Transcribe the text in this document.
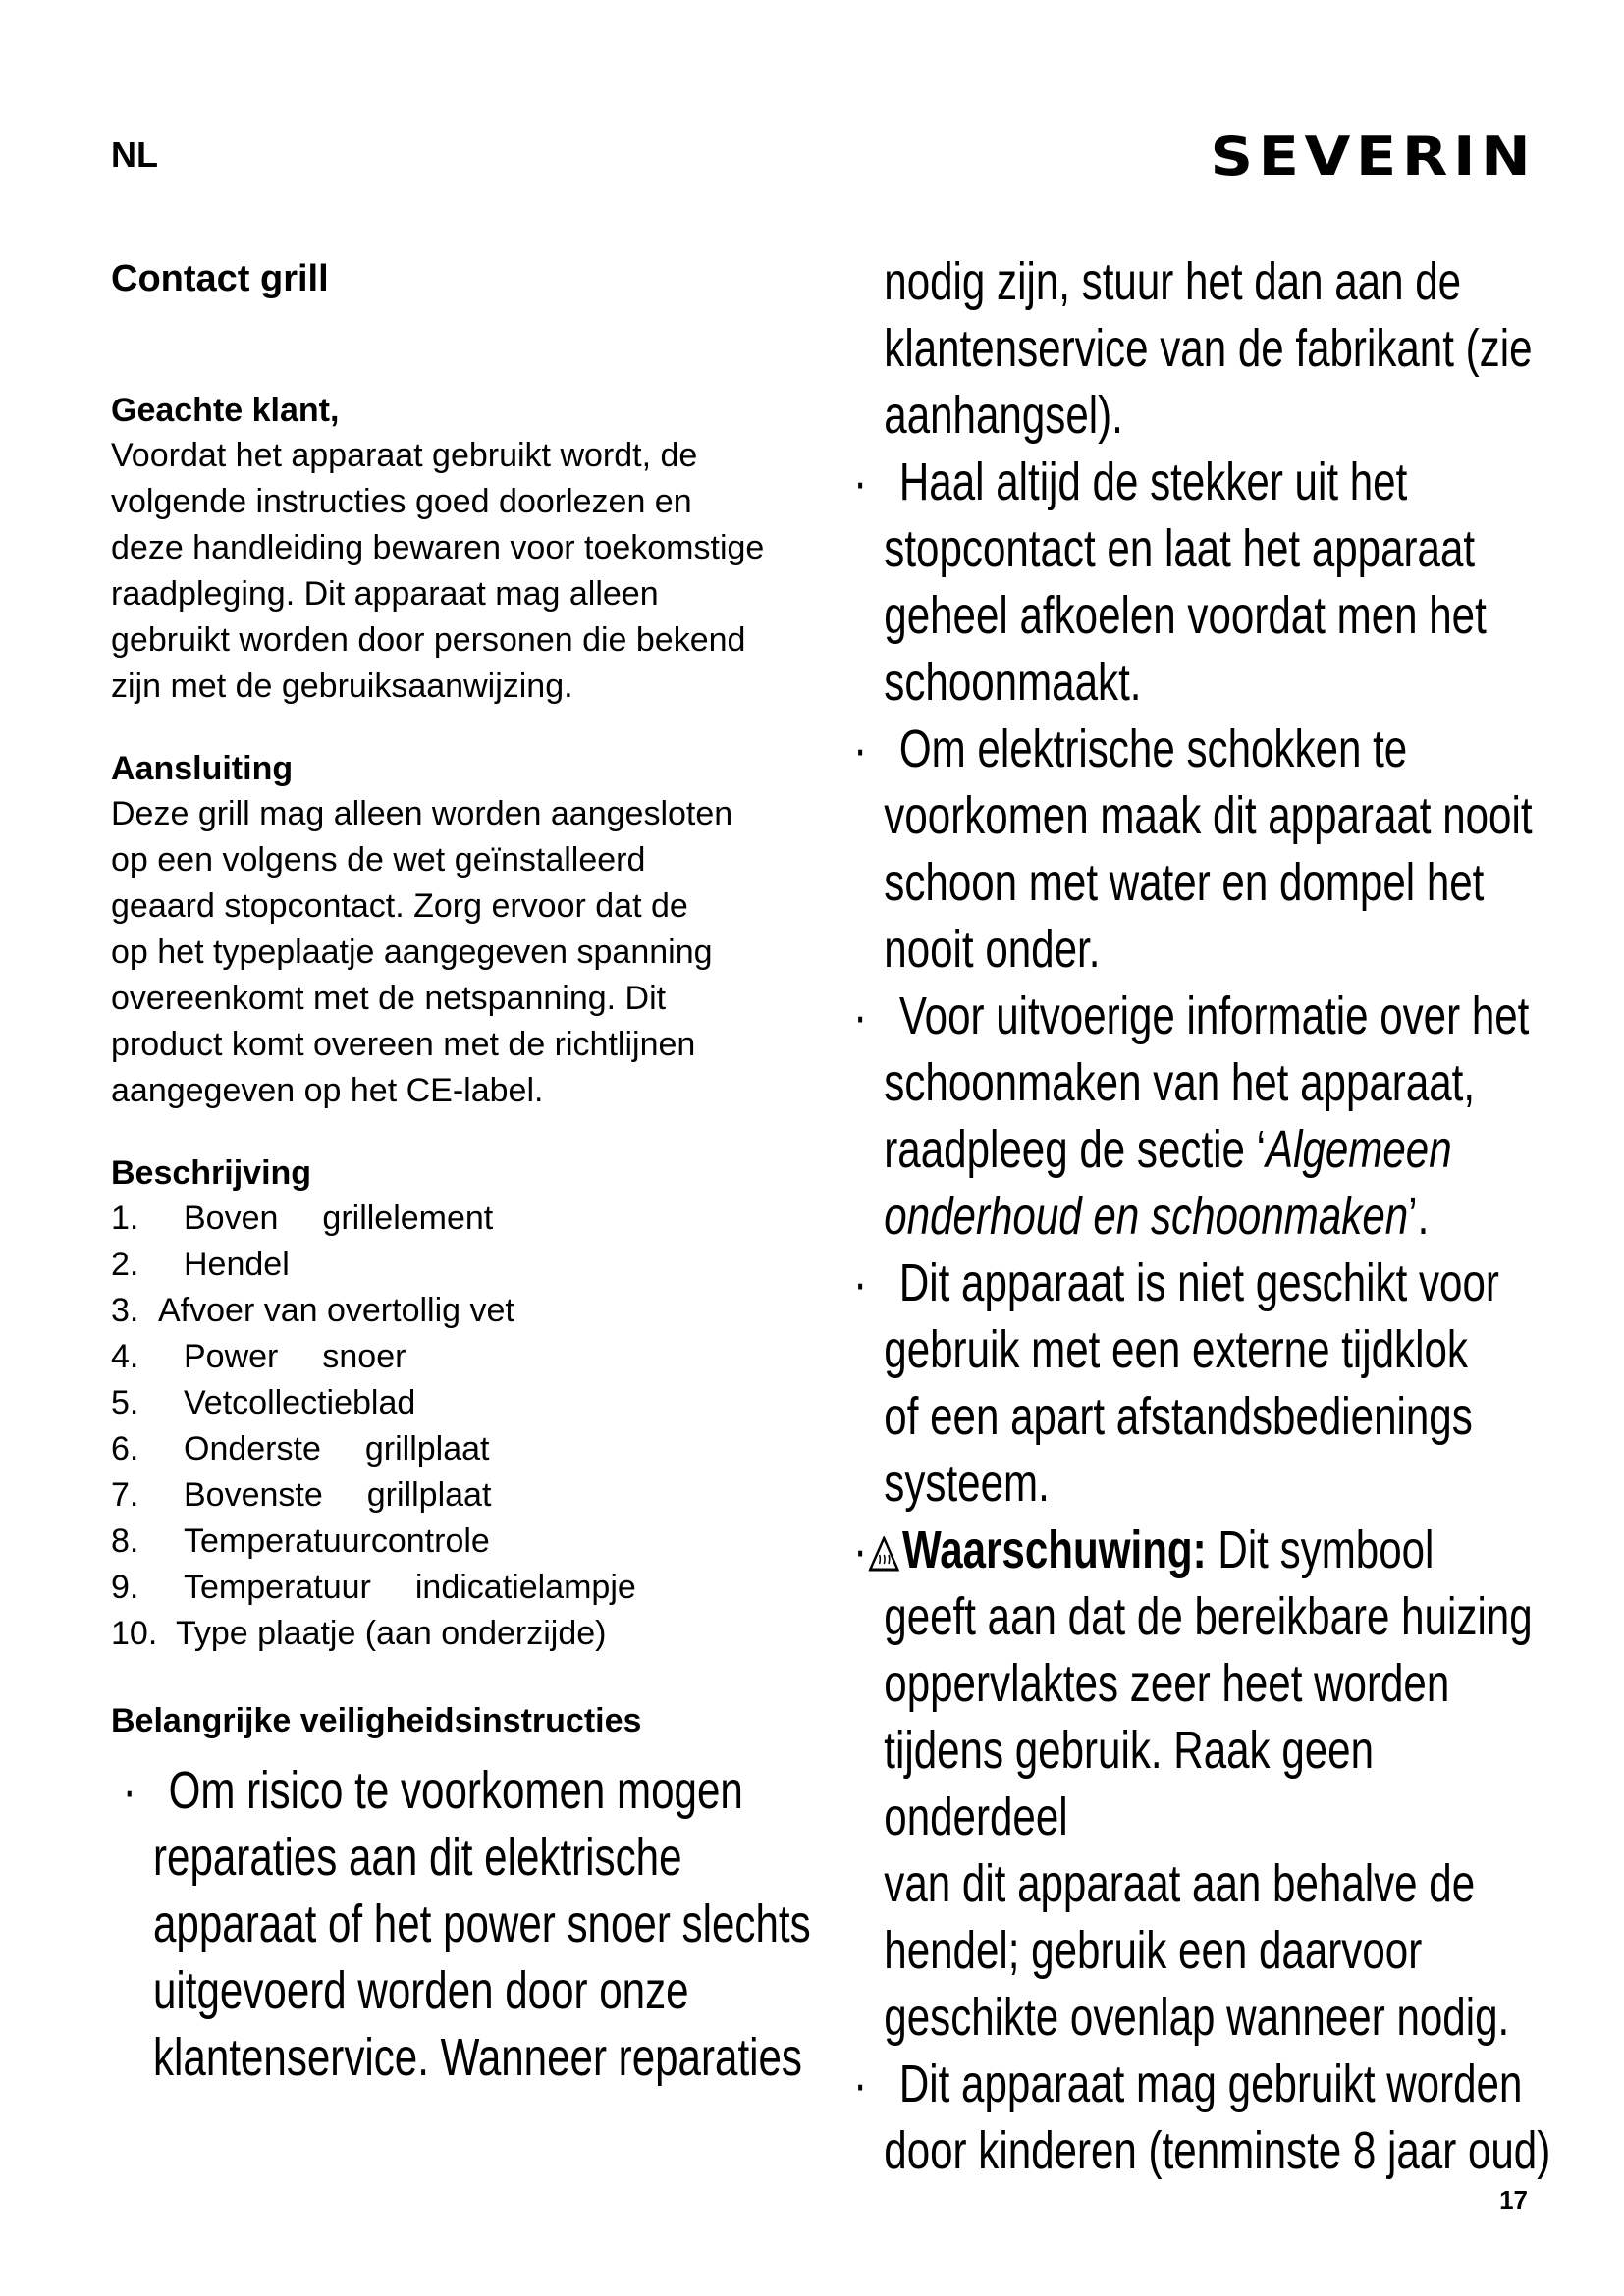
NL	SEVERIN
Contact grill
Geachte klant,
Voordat het apparaat gebruikt wordt, de
volgende instructies goed doorlezen en
deze handleiding bewaren voor toekomstige
raadpleging. Dit apparaat mag alleen
gebruikt worden door personen die bekend
zijn met de gebruiksaanwijzing.
Aansluiting
Deze grill mag alleen worden aangesloten
op een volgens de wet geïnstalleerd
geaard stopcontact. Zorg ervoor dat de
op het typeplaatje aangegeven spanning
overeenkomt met de netspanning. Dit
product komt overeen met de richtlijnen
aangegeven op het CE-label.
Beschrijving
1.	Boven grillelement
2.	Hendel
3. Afvoer van overtollig vet
4.	Power snoer
5.	Vetcollectieblad
6.	Onderste grillplaat
7.	Bovenste grillplaat
8.	Temperatuurcontrole
9.	Temperatuur indicatielampje
10. Type plaatje (aan onderzijde)
Belangrijke veiligheidsinstructies
· Om risico te voorkomen mogen
reparaties aan dit elektrische
apparaat of het power snoer slechts
uitgevoerd worden door onze
klantenservice. Wanneer reparaties
nodig zijn, stuur het dan aan de
klantenservice van de fabrikant (zie
aanhangsel).
· Haal altijd de stekker uit het
stopcontact en laat het apparaat
geheel afkoelen voordat men het
schoonmaakt.
· Om elektrische schokken te
voorkomen maak dit apparaat nooit
schoon met water en dompel het
nooit onder.
· Voor uitvoerige informatie over het
schoonmaken van het apparaat,
raadpleeg de sectie ‘Algemeen
onderhoud en schoonmaken’.
· Dit apparaat is niet geschikt voor
gebruik met een externe tijdklok
of een apart afstandsbedienings
systeem.
· Waarschuwing: Dit symbool
geeft aan dat de bereikbare huizing
oppervlaktes zeer heet worden
tijdens gebruik. Raak geen onderdeel
van dit apparaat aan behalve de
hendel; gebruik een daarvoor
geschikte ovenlap wanneer nodig.
· Dit apparaat mag gebruikt worden
door kinderen (tenminste 8 jaar oud)
17
